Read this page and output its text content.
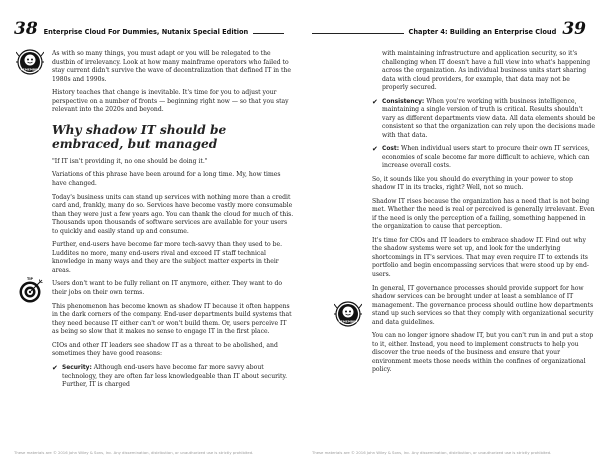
38 Enterprise Cloud For Dummies, Nutanix Special Edition
REMEMBER
TIP

As with so many things, you must adapt or you will be relegated to the dustbin of irrelevancy. Look at how many mainframe operators who failed to stay current didn't survive the wave of decentralization that defined IT in the 1980s and 1990s.

History teaches that change is inevitable. It's time for you to adjust your perspective on a number of fronts — beginning right now — so that you stay relevant into the 2020s and beyond.

Why shadow IT should be embraced, but managed

"If IT isn't providing it, no one should be doing it."

Variations of this phrase have been around for a long time. My, how times have changed.

Today's business units can stand up services with nothing more than a credit card and, frankly, many do so. Services have become vastly more consumable than they were just a few years ago. You can thank the cloud for much of this. Thousands upon thousands of software services are available for your users to quickly and easily stand up and consume.

Further, end-users have become far more tech-savvy than they used to be. Luddites no more, many end-users rival and exceed IT staff technical knowledge in many ways and they are the subject matter experts in their areas.

Users don't want to be fully reliant on IT anymore, either. They want to do their jobs on their own terms.

This phenomenon has become known as shadow IT because it often happens in the dark corners of the company. End-user departments build systems that they need because IT either can't or won't build them. Or, users perceive IT as being so slow that it makes no sense to engage IT in the first place.

CIOs and other IT leaders see shadow IT as a threat to be abolished, and sometimes they have good reasons:

✔ Security: Although end-users have become far more savvy about technology, they are often far less knowledgeable than IT about security. Further, IT is charged
These materials are © 2016 John Wiley & Sons, Inc. Any dissemination, distribution, or unauthorized use is strictly prohibited.
Chapter 4: Building an Enterprise Cloud 39
REMEMBER

with maintaining infrastructure and application security, so it's challenging when IT doesn't have a full view into what's happening across the organization. As individual business units start sharing data with cloud providers, for example, that data may not be properly secured.

✔ Consistency: When you're working with business intelligence, maintaining a single version of truth is critical. Results shouldn't vary as different departments view data. All data elements should be consistent so that the organization can rely upon the decisions made with that data.
✔ Cost: When individual users start to procure their own IT services, economies of scale become far more difficult to achieve, which can increase overall costs.

So, it sounds like you should do everything in your power to stop shadow IT in its tracks, right? Well, not so much.

Shadow IT rises because the organization has a need that is not being met. Whether the need is real or perceived is generally irrelevant. Even if the need is only the perception of a failing, something happened in the organization to cause that perception.

It's time for CIOs and IT leaders to embrace shadow IT. Find out why the shadow systems were set up, and look for the underlying shortcomings in IT's services. That may even require IT to extends its portfolio and begin encompassing services that were stood up by end-users.

In general, IT governance processes should provide support for how shadow services can be brought under at least a semblance of IT management. The governance process should outline how departments stand up such services so that they comply with organizational security and data guidelines.

You can no longer ignore shadow IT, but you can't run in and put a stop to it, either. Instead, you need to implement constructs to help you discover the true needs of the business and ensure that your environment meets those needs within the confines of organizational policy.

These materials are © 2016 John Wiley & Sons, Inc. Any dissemination, distribution, or unauthorized use is strictly prohibited.
